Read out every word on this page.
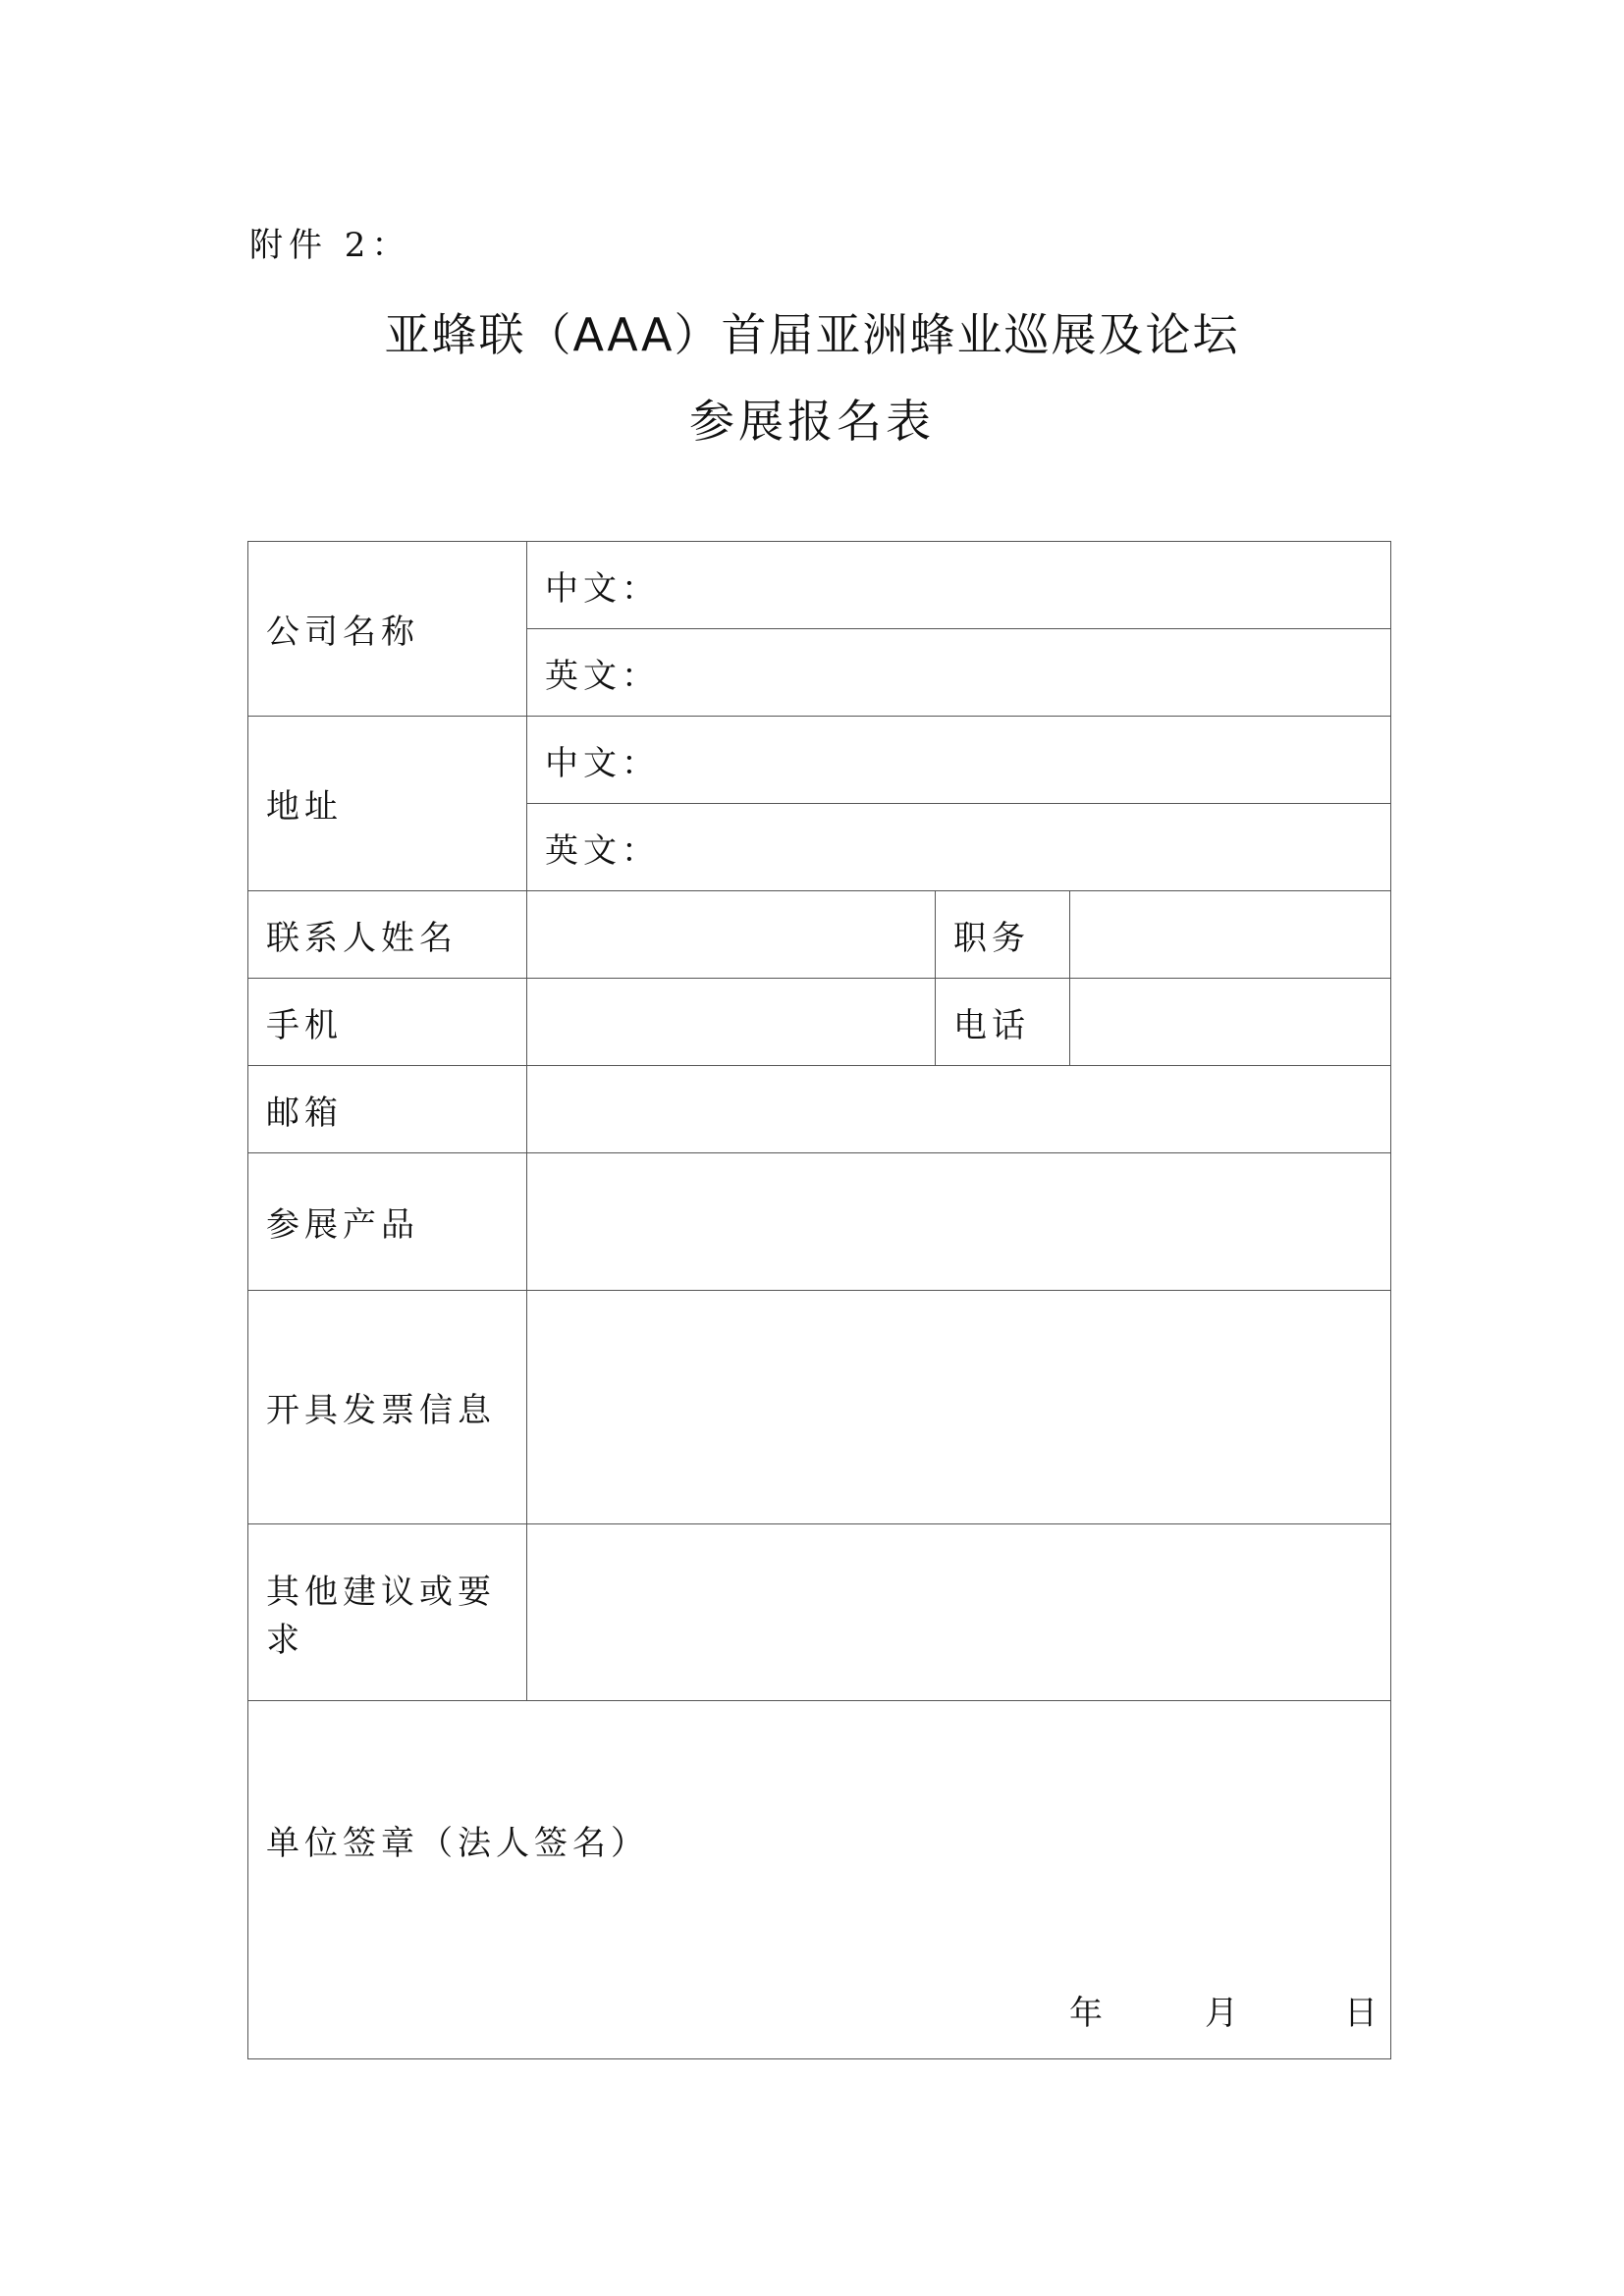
附件 2：
亚蜂联（AAA）首届亚洲蜂业巡展及论坛
参展报名表
公司名称	中文：		
	英文：		
地址	中文：		
	英文：		
联系人姓名		职务	
手机		电话	
邮箱			
参展产品			
开具发票信息			
其他建议或要求			

单位签章（法人签名）
年 月 日			
